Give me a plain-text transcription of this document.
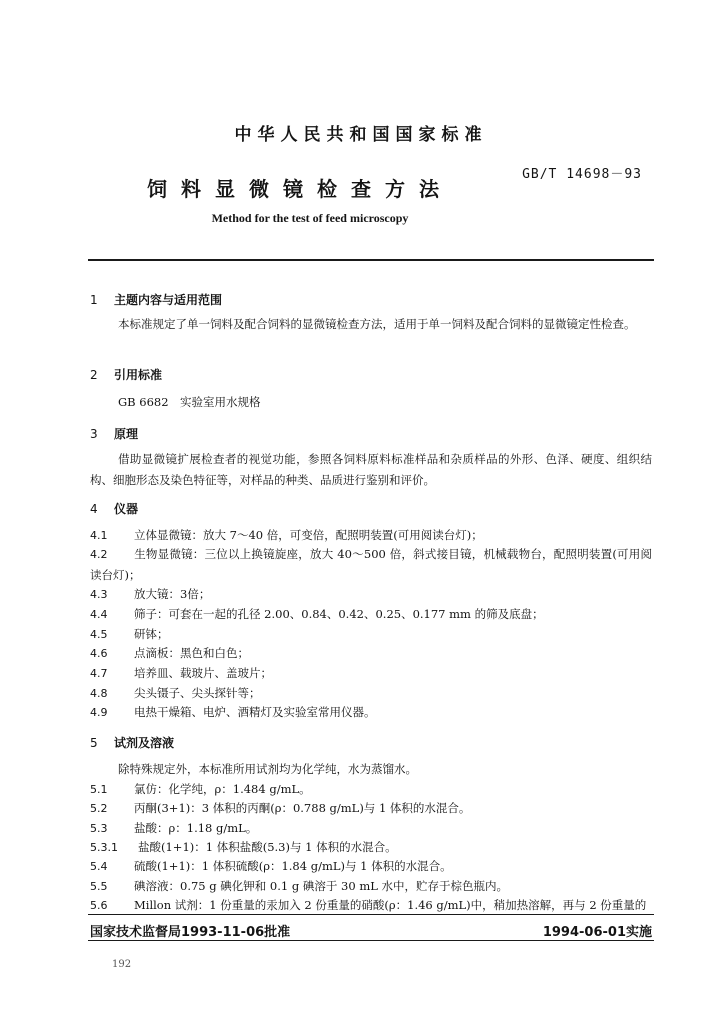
中华人民共和国国家标准
GB/T 14698－93
饲料显微镜检查方法
Method for the test of feed microscopy
1 主题内容与适用范围
本标准规定了单一饲料及配合饲料的显微镜检查方法，适用于单一饲料及配合饲料的显微镜定性检查。
2 引用标准
GB 6682　实验室用水规格
3 原理
借助显微镜扩展检查者的视觉功能，参照各饲料原料标准样品和杂质样品的外形、色泽、硬度、组织结构、细胞形态及染色特征等，对样品的种类、品质进行鉴别和评价。
4 仪器
4.1 立体显微镜：放大 7～40 倍，可变倍，配照明装置(可用阅读台灯)；
4.2 生物显微镜：三位以上换镜旋座，放大 40～500 倍，斜式接目镜，机械载物台，配照明装置(可用阅读台灯)；
4.3 放大镜：3倍；
4.4 筛子：可套在一起的孔径 2.00、0.84、0.42、0.25、0.177 mm 的筛及底盘；
4.5 研钵；
4.6 点滴板：黑色和白色；
4.7 培养皿、载玻片、盖玻片；
4.8 尖头镊子、尖头探针等；
4.9 电热干燥箱、电炉、酒精灯及实验室常用仪器。
5 试剂及溶液
除特殊规定外，本标准所用试剂均为化学纯，水为蒸馏水。
5.1 氯仿：化学纯，ρ：1.484 g/mL。
5.2 丙酮(3+1)：3 体积的丙酮(ρ：0.788 g/mL)与 1 体积的水混合。
5.3 盐酸：ρ：1.18 g/mL。
5.3.1 盐酸(1+1)：1 体积盐酸(5.3)与 1 体积的水混合。
5.4 硫酸(1+1)：1 体积硫酸(ρ：1.84 g/mL)与 1 体积的水混合。
5.5 碘溶液：0.75 g 碘化钾和 0.1 g 碘溶于 30 mL 水中，贮存于棕色瓶内。
5.6 Millon 试剂：1 份重量的汞加入 2 份重量的硝酸(ρ：1.46 g/mL)中，稍加热溶解，再与 2 份重量的
国家技术监督局1993-11-06批准	1994-06-01实施
192
